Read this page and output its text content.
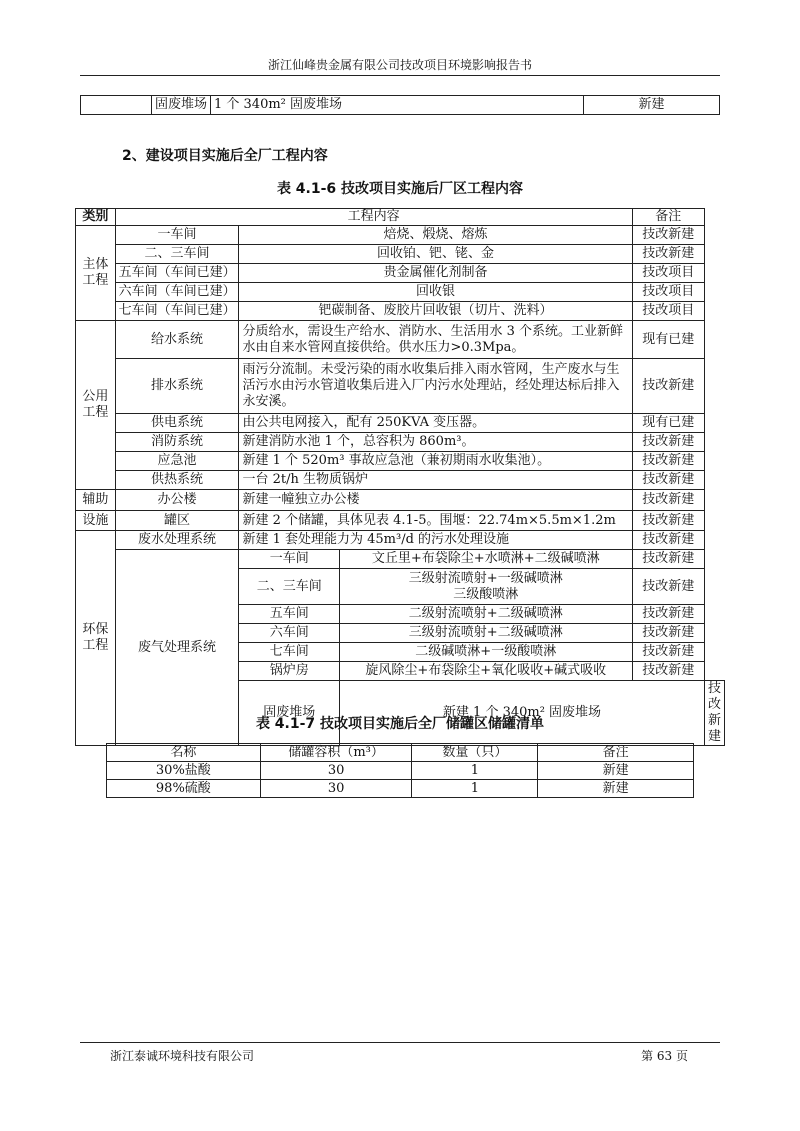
浙江仙峰贵金属有限公司技改项目环境影响报告书
	固废堆场	1 个 340m² 固废堆场	新建
2、建设项目实施后全厂工程内容
表 4.1-6 技改项目实施后厂区工程内容
类别	工程内容			备注	
主体工程	一车间	焙烧、煅烧、熔炼		技改新建	
	二、三车间	回收铂、钯、铑、金		技改新建	
	五车间（车间已建）	贵金属催化剂制备		技改项目	
	六车间（车间已建）	回收银		技改项目	
	七车间（车间已建）	钯碳制备、废胶片回收银（切片、洗料）		技改项目	
公用工程	给水系统	分质给水，需设生产给水、消防水、生活用水 3 个系统。工业新鲜水由自来水管网直接供给。供水压力>0.3Mpa。		现有已建	
	排水系统	雨污分流制。未受污染的雨水收集后排入雨水管网，生产废水与生活污水由污水管道收集后进入厂内污水处理站，经处理达标后排入永安溪。		技改新建	
	供电系统	由公共电网接入，配有 250KVA 变压器。		现有已建	
	消防系统	新建消防水池 1 个，总容积为 860m³。		技改新建	
	应急池	新建 1 个 520m³ 事故应急池（兼初期雨水收集池）。		技改新建	
	供热系统	一台 2t/h 生物质锅炉		技改新建	
辅助	办公楼	新建一幢独立办公楼		技改新建	
设施	罐区	新建 2 个储罐，具体见表 4.1-5。围堰：22.74m×5.5m×1.2m		技改新建	
环保工程	废水处理系统	新建 1 套处理能力为 45m³/d 的污水处理设施		技改新建	
	废气处理系统	一车间	文丘里+布袋除尘+水喷淋+二级碱喷淋	技改新建	
		二、三车间	三级射流喷射+一级碱喷淋
三级酸喷淋	技改新建	
		五车间	二级射流喷射+二级碱喷淋	技改新建	
		六车间	三级射流喷射+二级碱喷淋	技改新建	
		七车间	二级碱喷淋+一级酸喷淋	技改新建	
		锅炉房	旋风除尘+布袋除尘+氧化吸收+碱式吸收	技改新建	
		固废堆场	新建 1 个 340m² 固废堆场		技改新建
表 4.1-7 技改项目实施后全厂储罐区储罐清单
名称	储罐容积（m³）	数量（只）	备注
30%盐酸	30	1	新建
98%硫酸	30	1	新建
浙江泰诚环境科技有限公司	第 63 页
